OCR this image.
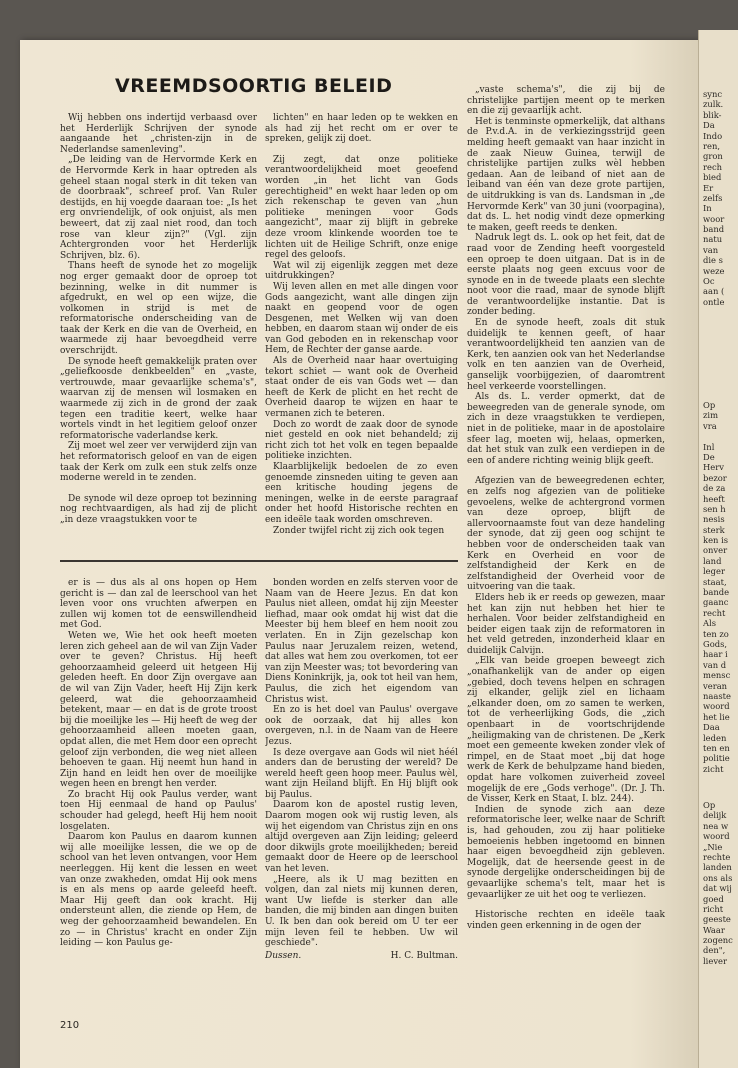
VREEMDSOORTIG BELEID

Wij hebben ons indertijd verbaasd over het Herderlijk Schrijven der synode aangaande het „christen-zijn in de Nederlandse samenleving".

„De leiding van de Hervormde Kerk en de Hervormde Kerk in haar optreden als geheel staan nogal sterk in dit teken van de doorbraak", schreef prof. Van Ruler destijds, en hij voegde daaraan toe: „Is het erg onvriendelijk, of ook onjuist, als men beweert, dat zij zaal niet rood, dan toch rose van kleur zijn?" (Vgl. zijn Achtergronden voor het Herderlijk Schrijven, blz. 6).

Thans heeft de synode het zo mogelijk nog erger gemaakt door de oproep tot bezinning, welke in dit nummer is afgedrukt, en wel op een wijze, die volkomen in strijd is met de reformatorische onderscheiding van de taak der Kerk en die van de Overheid, en waarmede zij haar bevoegdheid verre overschrijdt.

De synode heeft gemakkelijk praten over „geliefkoosde denkbeelden" en „vaste, vertrouwde, maar gevaarlijke schema's", waarvan zij de mensen wil losmaken en waarmede zij zich in de grond der zaak tegen een traditie keert, welke haar wortels vindt in het legitiem geloof onzer reformatorische vaderlandse kerk.

Zij moet wel zeer ver verwijderd zijn van het reformatorisch geloof en van de eigen taak der Kerk om zulk een stuk zelfs onze moderne wereld in te zenden.

De synode wil deze oproep tot bezinning nog rechtvaardigen, als had zij de plicht „in deze vraagstukken voor te

lichten" en haar leden op te wekken en als had zij het recht om er over te spreken, gelijk zij doet.

Zij zegt, dat onze politieke verantwoordelijkheid moet geoefend worden „in het licht van Gods gerechtigheid" en wekt haar leden op om zich rekenschap te geven van „hun politieke meningen voor Gods aangezicht", maar zij blijft in gebreke deze vroom klinkende woorden toe te lichten uit de Heilige Schrift, onze enige regel des geloofs.

Wat wil zij eigenlijk zeggen met deze uitdrukkingen?

Wij leven allen en met alle dingen voor Gods aangezicht, want alle dingen zijn naakt en geopend voor de ogen Desgenen, met Welken wij van doen hebben, en daarom staan wij onder de eis van God geboden en in rekenschap voor Hem, de Rechter der ganse aarde.

Als de Overheid naar haar overtuiging tekort schiet — want ook de Overheid staat onder de eis van Gods wet — dan heeft de Kerk de plicht en het recht de Overheid daarop te wijzen en haar te vermanen zich te beteren.

Doch zo wordt de zaak door de synode niet gesteld en ook niet behandeld; zij richt zich tot het volk en tegen bepaalde politieke inzichten.

Klaarblijkelijk bedoelen de zo even genoemde zinsneden uiting te geven aan een kritische houding jegens de meningen, welke in de eerste paragraaf onder het hoofd Historische rechten en een ideële taak worden omschreven.

Zonder twijfel richt zij zich ook tegen

„vaste schema's", die zij bij de christelijke partijen meent op te merken en die zij gevaarlijk acht.

Het is tenminste opmerkelijk, dat althans de P.v.d.A. in de verkiezingsstrijd geen melding heeft gemaakt van haar inzicht in de zaak Nieuw Guinea, terwijl de christelijke partijen zulks wèl hebben gedaan. Aan de leiband of niet aan de leiband van één van deze grote partijen, de uitdrukking is van ds. Landsman in „de Hervormde Kerk" van 30 juni (voorpagina), dat ds. L. het nodig vindt deze opmerking te maken, geeft reeds te denken.

Nadruk legt ds. L. ook op het feit, dat de raad voor de Zending heeft voorgesteld een oproep te doen uitgaan. Dat is in de eerste plaats nog geen excuus voor de synode en in de tweede plaats een slechte noot voor die raad, maar de synode blijft de verantwoordelijke instantie. Dat is zonder beding.

En de synode heeft, zoals dit stuk duidelijk te kennen geeft, of haar verantwoordelijkheid ten aanzien van de Kerk, ten aanzien ook van het Nederlandse volk en ten aanzien van de Overheid, ganselijk voorbijgezien, of daaromtrent heel verkeerde voorstellingen.

Als ds. L. verder opmerkt, dat de beweegreden van de generale synode, om zich in deze vraagstukken te verdiepen, niet in de politieke, maar in de apostolaire sfeer lag, moeten wij, helaas, opmerken, dat het stuk van zulk een verdiepen in de een of andere richting weinig blijk geeft.

Afgezien van de beweegredenen echter, en zelfs nog afgezien van de politieke gevoelens, welke de achtergrond vormen van deze oproep, blijft de allervoornaamste fout van deze handeling der synode, dat zij geen oog schijnt te hebben voor de onderscheiden taak van Kerk en Overheid en voor de zelfstandigheid der Kerk en de zelfstandigheid der Overheid voor de uitvoering van die taak.

Elders heb ik er reeds op gewezen, maar het kan zijn nut hebben het hier te herhalen. Voor beider zelfstandigheid en beider eigen taak zijn de reformatoren in het veld getreden, inzonderheid klaar en duidelijk Calvijn.

„Elk van beide groepen beweegt zich „onafhankelijk van de ander op eigen „gebied, doch tevens helpen en schragen zij elkander, gelijk ziel en lichaam „elkander doen, om zo samen te werken, tot de verheerlijking Gods, die „zich openbaart in de voortschrijdende „heiligmaking van de christenen. De „Kerk moet een gemeente kweken zonder vlek of rimpel, en de Staat moet „bij dat hoge werk de Kerk de behulpzame hand bieden, opdat hare volkomen zuiverheid zoveel mogelijk de ere „Gods verhoge". (Dr. J. Th. de Visser, Kerk en Staat, I. blz. 244).

Indien de synode zich aan deze reformatorische leer, welke naar de Schrift is, had gehouden, zou zij haar politieke bemoeienis hebben ingetoomd en binnen haar eigen bevoegdheid zijn gebleven. Mogelijk, dat de heersende geest in de synode dergelijke onderscheidingen bij de gevaarlijke schema's telt, maar het is gevaarlijker ze uit het oog te verliezen.

Historische rechten en ideële taak vinden geen erkenning in de ogen der

er is — dus als al ons hopen op Hem gericht is — dan zal de leerschool van het leven voor ons vruchten afwerpen en zullen wij komen tot de eenswillendheid met God.

Weten we, Wie het ook heeft moeten leren zich geheel aan de wil van Zijn Vader over te geven? Christus. Hij heeft gehoorzaamheid geleerd uit hetgeen Hij geleden heeft. En door Zijn overgave aan de wil van Zijn Vader, heeft Hij Zijn kerk geleerd, wat die gehoorzaamheid betekent, maar — en dat is de grote troost bij die moeilijke les — Hij heeft de weg der gehoorzaamheid alleen moeten gaan, opdat allen, die met Hem door een oprecht geloof zijn verbonden, die weg niet alleen behoeven te gaan. Hij neemt hun hand in Zijn hand en leidt hen over de moeilijke wegen heen en brengt hen verder.

Zo bracht Hij ook Paulus verder, want toen Hij eenmaal de hand op Paulus' schouder had gelegd, heeft Hij hem nooit losgelaten.

Daarom kon Paulus en daarom kunnen wij alle moeilijke lessen, die we op de school van het leven ontvangen, voor Hem neerleggen. Hij kent die lessen en weet van onze zwakheden, omdat Hij ook mens is en als mens op aarde geleefd heeft. Maar Hij geeft dan ook kracht. Hij ondersteunt allen, die ziende op Hem, de weg der gehoorzaamheid bewandelen. En zo — in Christus' kracht en onder Zijn leiding — kon Paulus ge-

bonden worden en zelfs sterven voor de Naam van de Heere Jezus. En dat kon Paulus niet alleen, omdat hij zijn Meester liefhad, maar ook omdat hij wist dat die Meester bij hem bleef en hem nooit zou verlaten. En in Zijn gezelschap kon Paulus naar Jeruzalem reizen, wetend, dat alles wat hem zou overkomen, tot eer van zijn Meester was; tot bevordering van Diens Koninkrijk, ja, ook tot heil van hem, Paulus, die zich het eigendom van Christus wist.

En zo is het doel van Paulus' overgave ook de oorzaak, dat hij alles kon overgeven, n.l. in de Naam van de Heere Jezus.

Is deze overgave aan Gods wil niet héél anders dan de berusting der wereld? De wereld heeft geen hoop meer. Paulus wèl, want zijn Heiland blijft. En Hij blijft ook bij Paulus.

Daarom kon de apostel rustig leven, Daarom mogen ook wij rustig leven, als wij het eigendom van Christus zijn en ons altijd overgeven aan Zijn leiding; geleerd door dikwijls grote moeilijkheden; bereid gemaakt door de Heere op de leerschool van het leven.

„Heere, als ik U mag bezitten en volgen, dan zal niets mij kunnen deren, want Uw liefde is sterker dan alle banden, die mij binden aan dingen buiten U. Ik ben dan ook bereid om U ter eer mijn leven feil te hebben. Uw wil geschiede".

Dussen.	H. C. Bultman.
210
sync
zulk.
blik-
Da
Indo
ren,
gron
rech
bied
Er
zelfs
In
woor
band
natu
van
die s
weze
Oc
aan (
ontle
Op
zim
vra
Inl
De
Herv
bezor
de za
heeft
sen h
nesis
sterk
ken is
onver
land
leger
staat,
bande
gaanc
recht
Als
ten zo
Gods,
haar i
van d
mensc
veran
naaste
woord
het lie
Daa
leden
ten en
politie
zicht
Op
delijk
nea w
woord
„Nie
rechte
landen
ons als
dat wij
goed
richt
geeste
Waar
zogenc
den",
liever
